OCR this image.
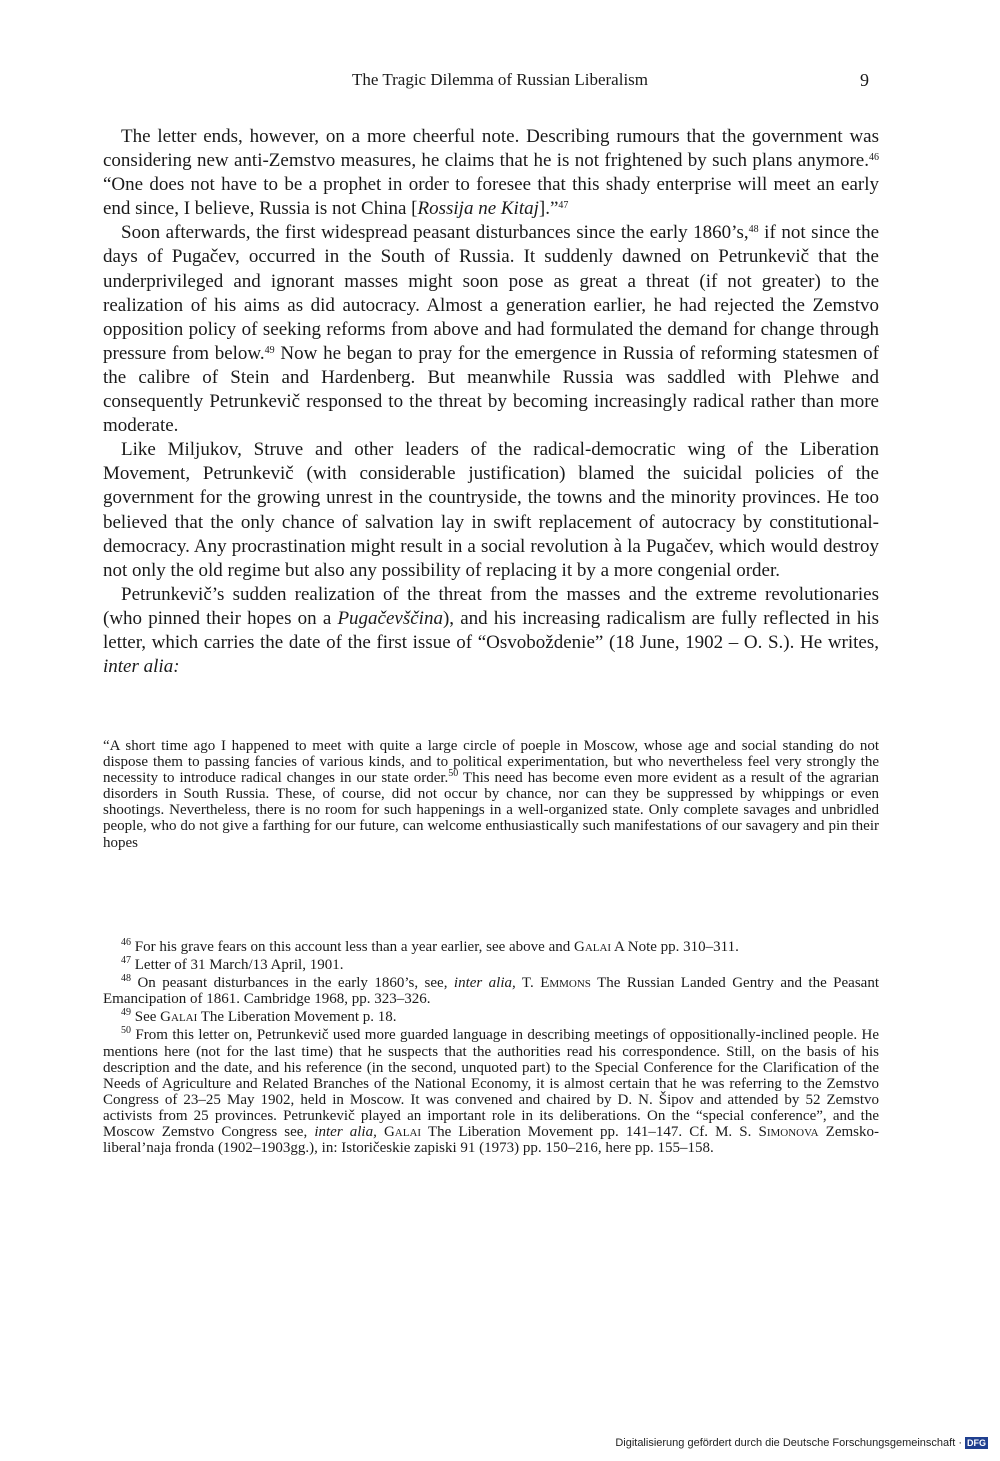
The Tragic Dilemma of Russian Liberalism	9

The letter ends, however, on a more cheerful note. Describing rumours that the government was considering new anti-Zemstvo measures, he claims that he is not frightened by such plans anymore.$^{46}$ “One does not have to be a prophet in order to foresee that this shady enterprise will meet an early end since, I believe, Russia is not China [Rossija ne Kitaj].”$^{47}$

Soon afterwards, the first widespread peasant disturbances since the early 1860’s,$^{48}$ if not since the days of Pugačev, occurred in the South of Russia. It suddenly dawned on Petrunkevič that the underprivileged and ignorant masses might soon pose as great a threat (if not greater) to the realization of his aims as did autocracy. Almost a generation earlier, he had rejected the Zemstvo opposition policy of seeking reforms from above and had formulated the demand for change through pressure from below.$^{49}$ Now he began to pray for the emergence in Russia of reforming statesmen of the calibre of Stein and Hardenberg. But meanwhile Russia was saddled with Plehwe and consequently Petrunkevič responsed to the threat by becoming increasingly radical rather than more moderate.

Like Miljukov, Struve and other leaders of the radical-democratic wing of the Liberation Movement, Petrunkevič (with considerable justification) blamed the suicidal policies of the government for the growing unrest in the countryside, the towns and the minority provinces. He too believed that the only chance of salvation lay in swift replacement of autocracy by constitutional-democracy. Any procrastination might result in a social revolution à la Pugačev, which would destroy not only the old regime but also any possibility of replacing it by a more congenial order.

Petrunkevič’s sudden realization of the threat from the masses and the extreme revolutionaries (who pinned their hopes on a Pugačevščina), and his increasing radicalism are fully reflected in his letter, which carries the date of the first issue of “Osvoboždenie” (18 June, 1902 – O. S.). He writes, inter alia:

“A short time ago I happened to meet with quite a large circle of poeple in Moscow, whose age and social standing do not dispose them to passing fancies of various kinds, and to political experimentation, but who nevertheless feel very strongly the necessity to introduce radical changes in our state order.$^{50}$ This need has become even more evident as a result of the agrarian disorders in South Russia. These, of course, did not occur by chance, nor can they be suppressed by whippings or even shootings. Nevertheless, there is no room for such happenings in a well-organized state. Only complete savages and unbridled people, who do not give a farthing for our future, can welcome enthusiastically such manifestations of our savagery and pin their hopes

$^{46}$ For his grave fears on this account less than a year earlier, see above and Galai A Note pp. 310–311.

$^{47}$ Letter of 31 March/13 April, 1901.

$^{48}$ On peasant disturbances in the early 1860’s, see, inter alia, T. Emmons The Russian Landed Gentry and the Peasant Emancipation of 1861. Cambridge 1968, pp. 323–326.

$^{49}$ See Galai The Liberation Movement p. 18.

$^{50}$ From this letter on, Petrunkevič used more guarded language in describing meetings of oppositionally-inclined people. He mentions here (not for the last time) that he suspects that the authorities read his correspondence. Still, on the basis of his description and the date, and his reference (in the second, unquoted part) to the Special Conference for the Clarification of the Needs of Agriculture and Related Branches of the National Economy, it is almost certain that he was referring to the Zemstvo Congress of 23–25 May 1902, held in Moscow. It was convened and chaired by D. N. Šipov and attended by 52 Zemstvo activists from 25 provinces. Petrunkevič played an important role in its deliberations. On the “special conference”, and the Moscow Zemstvo Congress see, inter alia, Galai The Liberation Movement pp. 141–147. Cf. M. S. Simonova Zemsko-liberal’naja fronda (1902–1903gg.), in: Istoričeskie zapiski 91 (1973) pp. 150–216, here pp. 155–158.

Digitalisierung gefördert durch die Deutsche Forschungsgemeinschaft · DFG
